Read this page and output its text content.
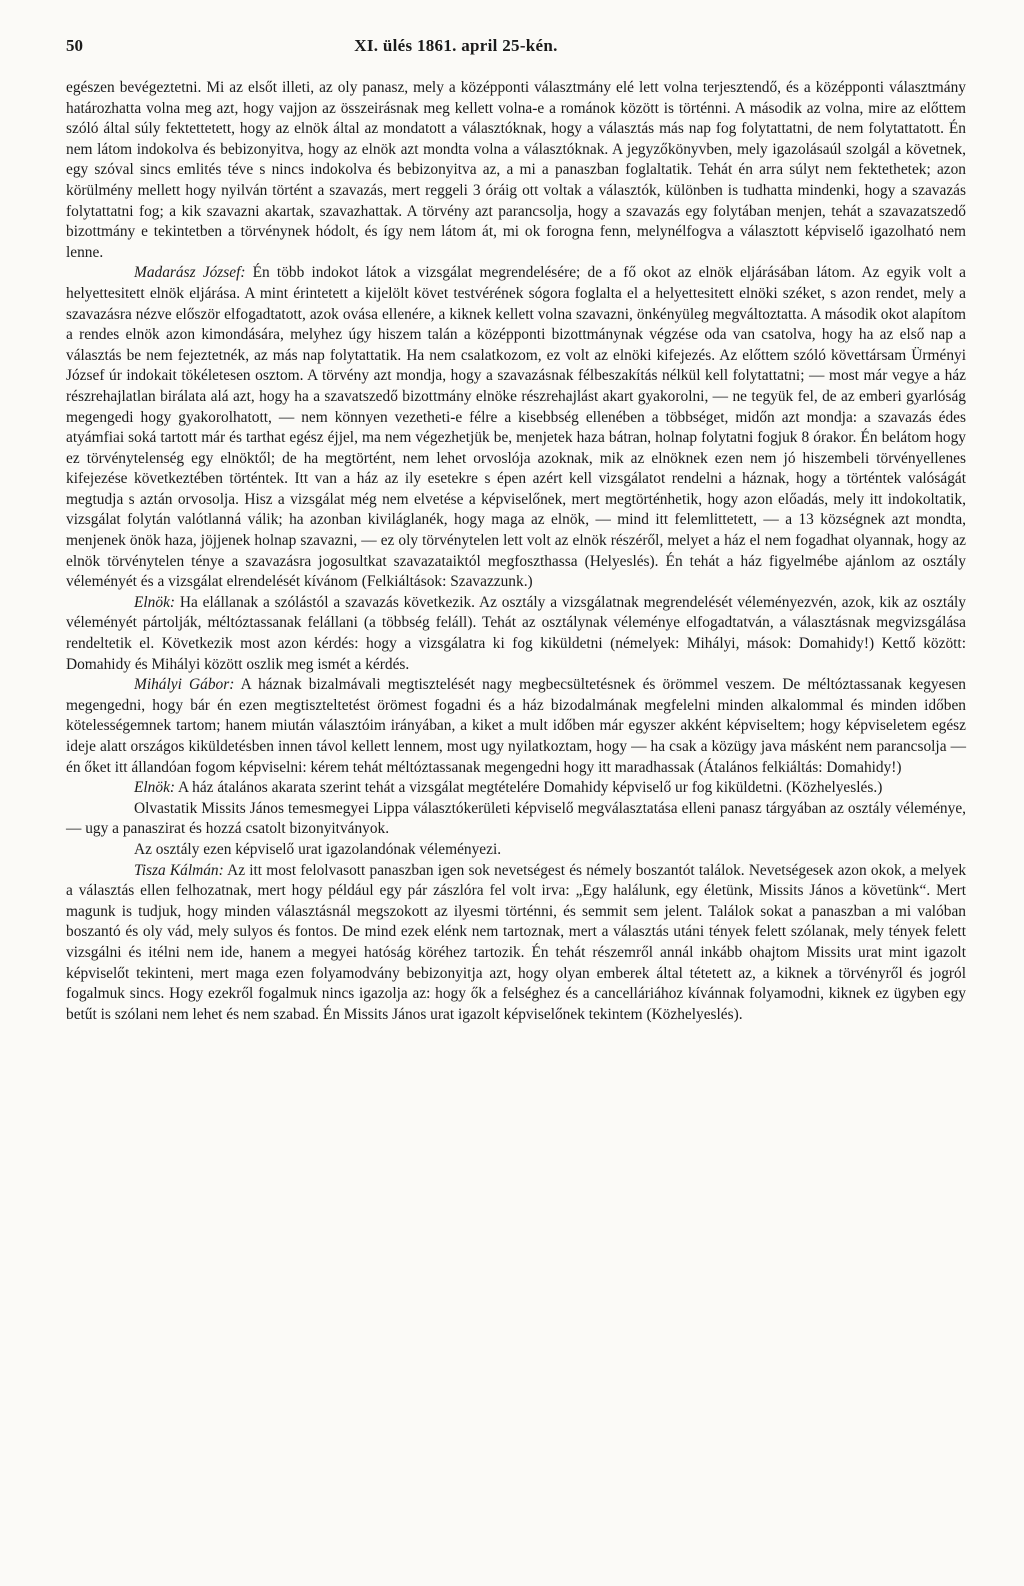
50	XI. ülés 1861. april 25-kén.

egészen bevégeztetni. Mi az elsőt illeti, az oly panasz, mely a középponti választmány elé lett volna terjesztendő, és a középponti választmány határozhatta volna meg azt, hogy vajjon az összeirásnak meg kellett volna-e a románok között is történni. A második az volna, mire az előttem szóló által súly fektettetett, hogy az elnök által az mondatott a választóknak, hogy a választás más nap fog folytattatni, de nem folytattatott. Én nem látom indokolva és bebizonyitva, hogy az elnök azt mondta volna a választóknak. A jegyzőkönyvben, mely igazolásaúl szolgál a követnek, egy szóval sincs emlités téve s nincs indokolva és bebizonyitva az, a mi a panaszban foglaltatik. Tehát én arra súlyt nem fektethetek; azon körülmény mellett hogy nyilván történt a szavazás, mert reggeli 3 óráig ott voltak a választók, különben is tudhatta mindenki, hogy a szavazás folytattatni fog; a kik szavazni akartak, szavazhattak. A törvény azt parancsolja, hogy a szavazás egy folytában menjen, tehát a szavazatszedő bizottmány e tekintetben a törvénynek hódolt, és így nem látom át, mi ok forogna fenn, melynélfogva a választott képviselő igazolható nem lenne.

Madarász József: Én több indokot látok a vizsgálat megrendelésére; de a fő okot az elnök eljárásában látom. Az egyik volt a helyettesitett elnök eljárása. A mint érintetett a kijelölt követ testvérének sógora foglalta el a helyettesitett elnöki széket, s azon rendet, mely a szavazásra nézve először elfogadtatott, azok ovása ellenére, a kiknek kellett volna szavazni, önkényüleg megváltoztatta. A második okot alapítom a rendes elnök azon kimondására, melyhez úgy hiszem talán a középponti bizottmánynak végzése oda van csatolva, hogy ha az első nap a választás be nem fejeztetnék, az más nap folytattatik. Ha nem csalatkozom, ez volt az elnöki kifejezés. Az előttem szóló követtársam Ürményi József úr indokait tökéletesen osztom. A törvény azt mondja, hogy a szavazásnak félbeszakítás nélkül kell folytattatni; — most már vegye a ház részrehajlatlan birálata alá azt, hogy ha a szavatszedő bizottmány elnöke részrehajlást akart gyakorolni, — ne tegyük fel, de az emberi gyarlóság megengedi hogy gyakorolhatott, — nem könnyen vezetheti-e félre a kisebbség ellenében a többséget, midőn azt mondja: a szavazás édes atyámfiai soká tartott már és tarthat egész éjjel, ma nem végezhetjük be, menjetek haza bátran, holnap folytatni fogjuk 8 órakor. Én belátom hogy ez törvénytelenség egy elnöktől; de ha megtörtént, nem lehet orvoslója azoknak, mik az elnöknek ezen nem jó hiszembeli törvényellenes kifejezése következtében történtek. Itt van a ház az ily esetekre s épen azért kell vizsgálatot rendelni a háznak, hogy a történtek valóságát megtudja s aztán orvosolja. Hisz a vizsgálat még nem elvetése a képviselőnek, mert megtörténhetik, hogy azon előadás, mely itt indokoltatik, vizsgálat folytán valótlanná válik; ha azonban kiviláglanék, hogy maga az elnök, — mind itt felemlittetett, — a 13 községnek azt mondta, menjenek önök haza, jöjjenek holnap szavazni, — ez oly törvénytelen lett volt az elnök részéről, melyet a ház el nem fogadhat olyannak, hogy az elnök törvénytelen ténye a szavazásra jogosultkat szavazataiktól megfoszthassa (Helyeslés). Én tehát a ház figyelmébe ajánlom az osztály véleményét és a vizsgálat elrendelését kívánom (Felkiáltások: Szavazzunk.)

Elnök: Ha elállanak a szólástól a szavazás következik. Az osztály a vizsgálatnak megrendelését véleményezvén, azok, kik az osztály véleményét pártolják, méltóztassanak felállani (a többség feláll). Tehát az osztálynak véleménye elfogadtatván, a választásnak megvizsgálása rendeltetik el. Következik most azon kérdés: hogy a vizsgálatra ki fog kiküldetni (némelyek: Mihályi, mások: Domahidy!) Kettő között: Domahidy és Mihályi között oszlik meg ismét a kérdés.

Mihályi Gábor: A háznak bizalmávali megtisztelését nagy megbecsültetésnek és örömmel veszem. De méltóztassanak kegyesen megengedni, hogy bár én ezen megtiszteltetést örömest fogadni és a ház bizodalmának megfelelni minden alkalommal és minden időben kötelességemnek tartom; hanem miután választóim irányában, a kiket a mult időben már egyszer akként képviseltem; hogy képviseletem egész ideje alatt országos kiküldetésben innen távol kellett lennem, most ugy nyilatkoztam, hogy — ha csak a közügy java másként nem parancsolja — én őket itt állandóan fogom képviselni: kérem tehát méltóztassanak megengedni hogy itt maradhassak (Átalános felkiáltás: Domahidy!)

Elnök: A ház átalános akarata szerint tehát a vizsgálat megtételére Domahidy képviselő ur fog kiküldetni. (Közhelyeslés.)

Olvastatik Missits János temesmegyei Lippa választókerületi képviselő megválasztatása elleni panasz tárgyában az osztály véleménye, — ugy a panaszirat és hozzá csatolt bizonyitványok.

Az osztály ezen képviselő urat igazolandónak véleményezi.

Tisza Kálmán: Az itt most felolvasott panaszban igen sok nevetségest és némely boszantót találok. Nevetségesek azon okok, a melyek a választás ellen felhozatnak, mert hogy például egy pár zászlóra fel volt irva: „Egy halálunk, egy életünk, Missits János a követünk“. Mert magunk is tudjuk, hogy minden választásnál megszokott az ilyesmi történni, és semmit sem jelent. Találok sokat a panaszban a mi valóban boszantó és oly vád, mely sulyos és fontos. De mind ezek elénk nem tartoznak, mert a választás utáni tények felett szólanak, mely tények felett vizsgálni és itélni nem ide, hanem a megyei hatóság köréhez tartozik. Én tehát részemről annál inkább ohajtom Missits urat mint igazolt képviselőt tekinteni, mert maga ezen folyamodvány bebizonyitja azt, hogy olyan emberek által tétetett az, a kiknek a törvényről és jogról fogalmuk sincs. Hogy ezekről fogalmuk nincs igazolja az: hogy ők a felséghez és a cancelláriához kívánnak folyamodni, kiknek ez ügyben egy betűt is szólani nem lehet és nem szabad. Én Missits János urat igazolt képviselőnek tekintem (Közhelyeslés).
